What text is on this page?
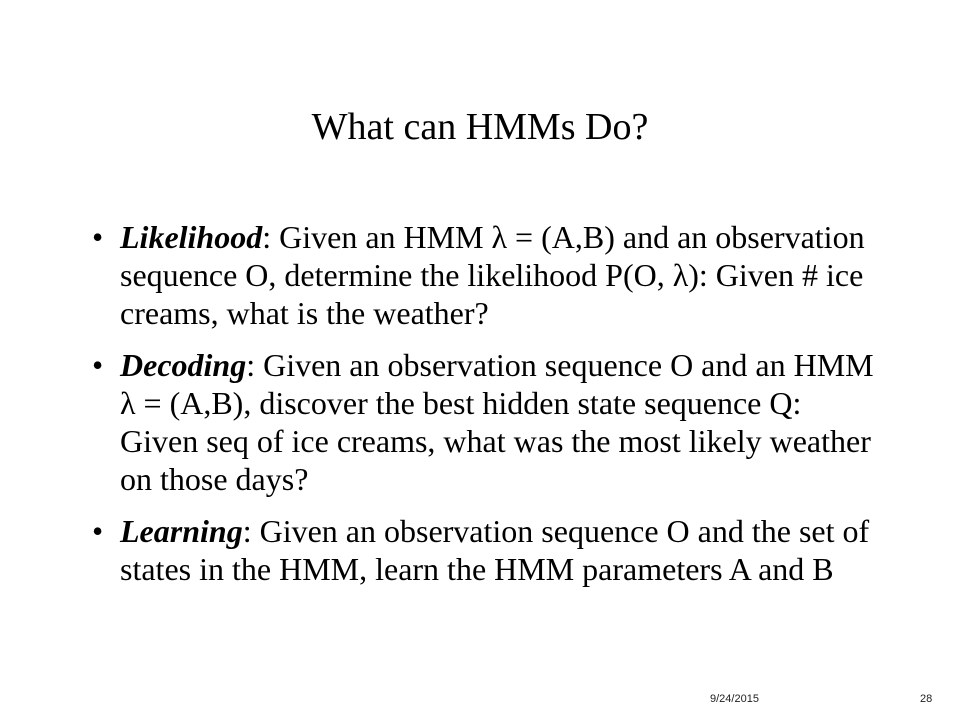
What can HMMs Do?
• Likelihood: Given an HMM λ = (A,B) and an observation sequence O, determine the likelihood P(O, λ): Given # ice creams, what is the weather?
• Decoding: Given an observation sequence O and an HMM λ = (A,B), discover the best hidden state sequence Q: Given seq of ice creams, what was the most likely weather on those days?
• Learning: Given an observation sequence O and the set of states in the HMM, learn the HMM parameters A and B
9/24/2015	28
